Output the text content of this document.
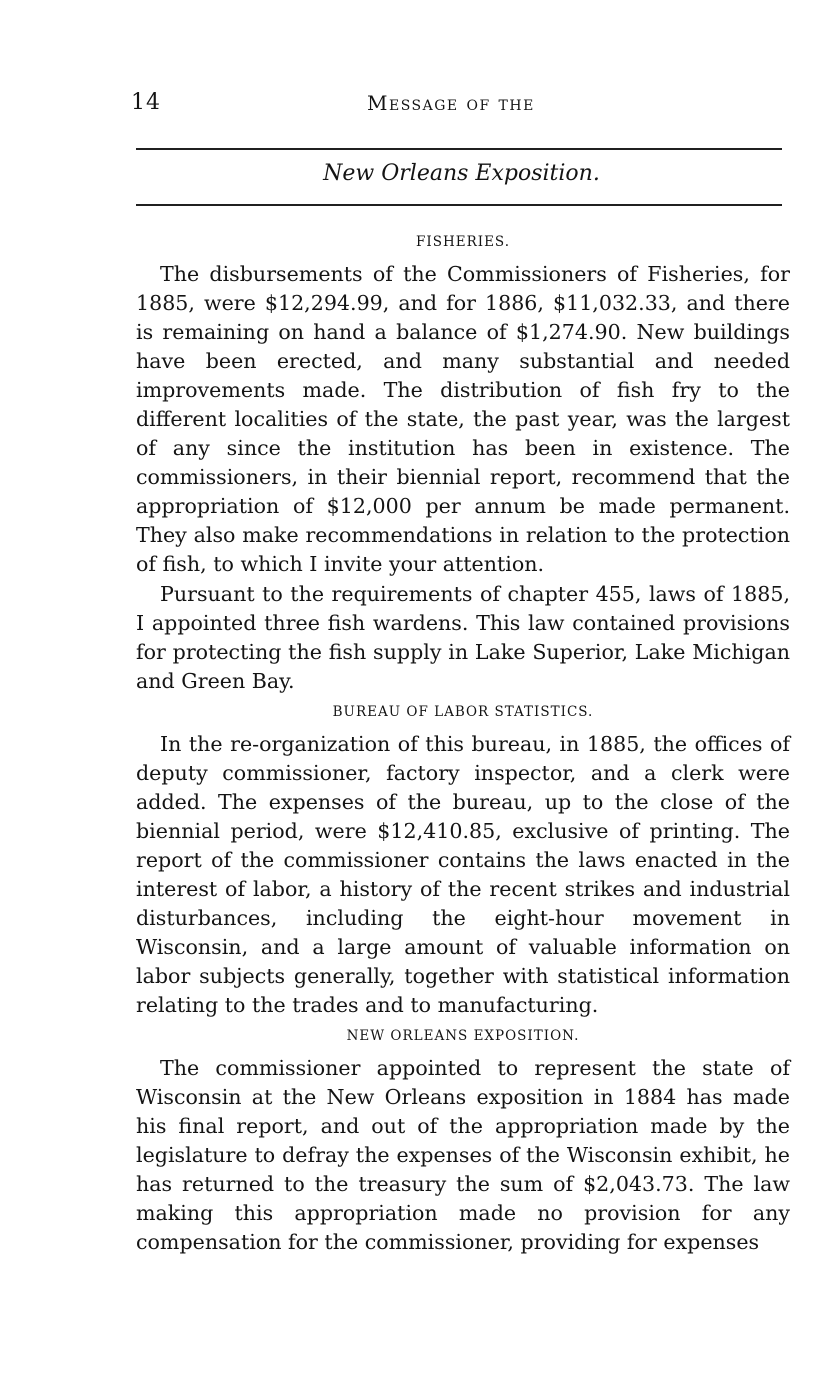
14	Message of the
New Orleans Exposition.
FISHERIES.

The disbursements of the Commissioners of Fisheries, for 1885, were $12,294.99, and for 1886, $11,032.33, and there is remaining on hand a balance of $1,274.90. New buildings have been erected, and many substantial and needed improvements made. The distribution of fish fry to the different localities of the state, the past year, was the largest of any since the institution has been in existence. The commissioners, in their biennial report, recommend that the appropriation of $12,000 per annum be made permanent. They also make recommendations in relation to the protection of fish, to which I invite your attention.

Pursuant to the requirements of chapter 455, laws of 1885, I appointed three fish wardens. This law contained provisions for protecting the fish supply in Lake Superior, Lake Michigan and Green Bay.

BUREAU OF LABOR STATISTICS.

In the re-organization of this bureau, in 1885, the offices of deputy commissioner, factory inspector, and a clerk were added. The expenses of the bureau, up to the close of the biennial period, were $12,410.85, exclusive of printing. The report of the commissioner contains the laws enacted in the interest of labor, a history of the recent strikes and industrial disturbances, including the eight-hour movement in Wisconsin, and a large amount of valuable information on labor subjects generally, together with statistical information relating to the trades and to manufacturing.

NEW ORLEANS EXPOSITION.

The commissioner appointed to represent the state of Wisconsin at the New Orleans exposition in 1884 has made his final report, and out of the appropriation made by the legislature to defray the expenses of the Wisconsin exhibit, he has returned to the treasury the sum of $2,043.73. The law making this appropriation made no provision for any compensation for the commissioner, providing for expenses
